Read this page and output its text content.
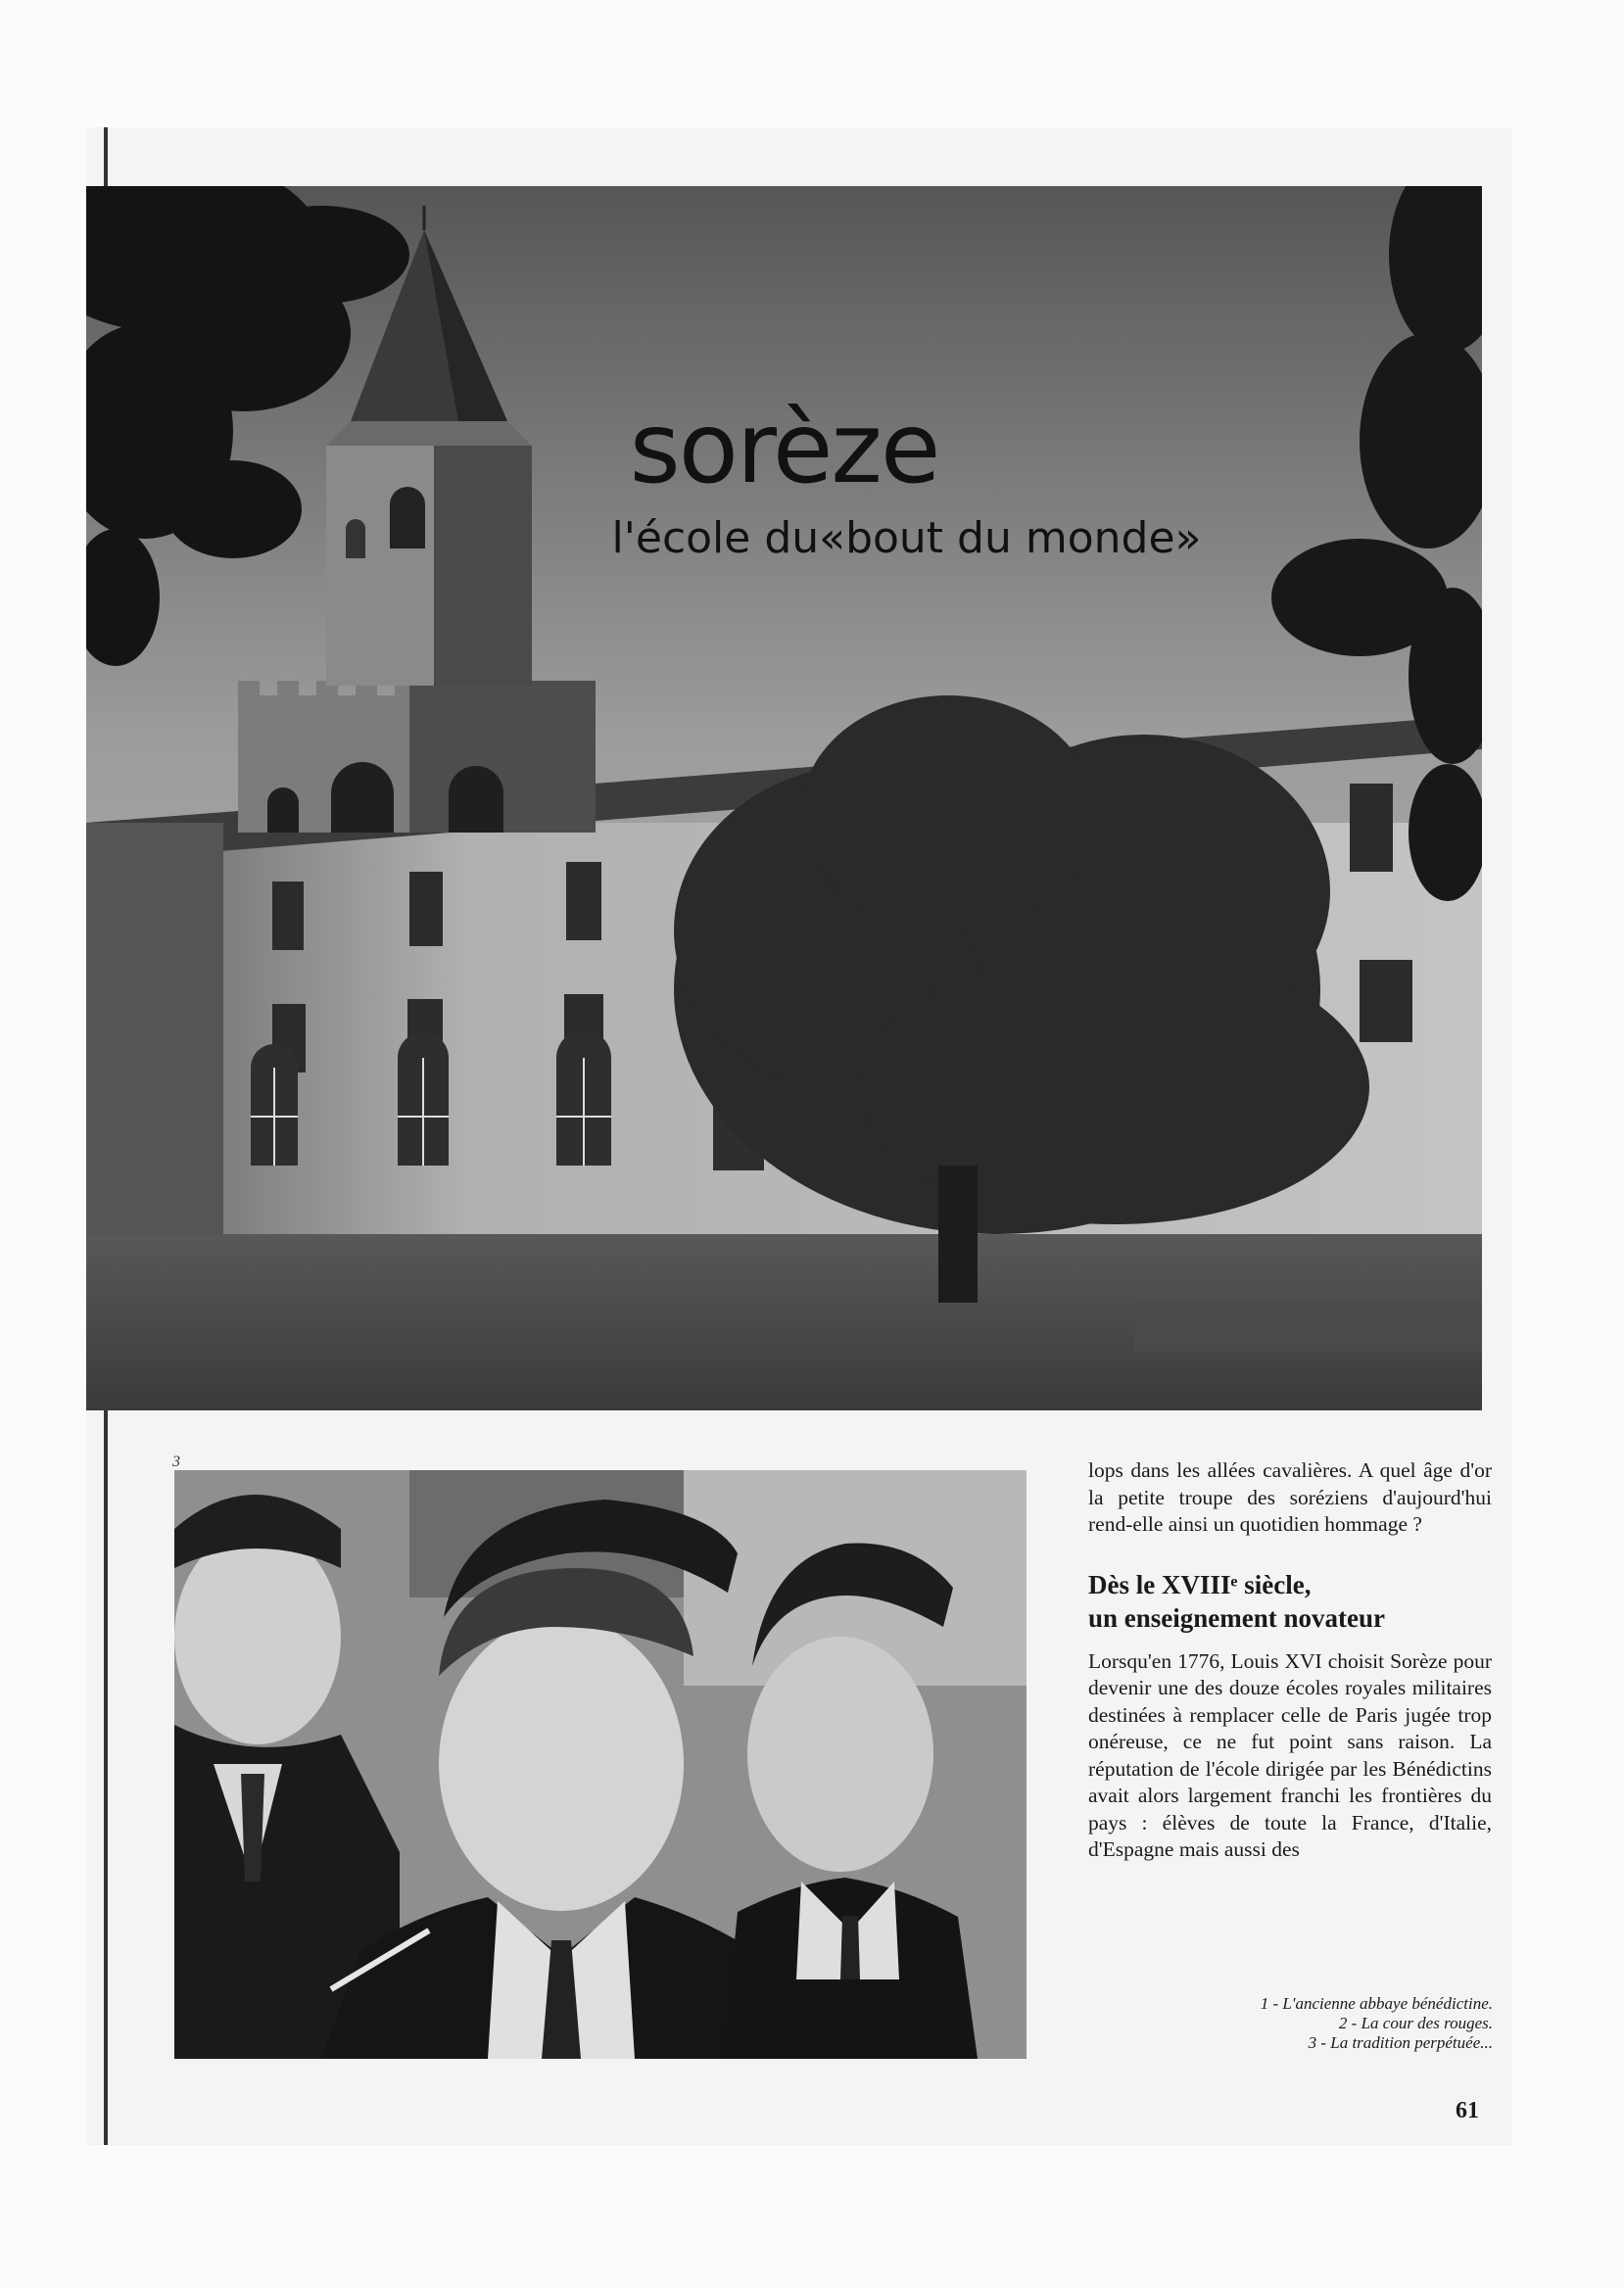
sorèze
l'école du«bout du monde»
3	lops dans les allées cavalières. A quel âge d'or la petite troupe des soréziens d'aujourd'hui rend-elle ainsi un quotidien hommage ?

Dès le XVIIIᵉ siècle,
un enseignement novateur

Lorsqu'en 1776, Louis XVI choisit Sorèze pour devenir une des douze écoles royales militaires destinées à remplacer celle de Paris jugée trop onéreuse, ce ne fut point sans raison. La réputation de l'école dirigée par les Bénédictins avait alors largement franchi les frontières du pays : élèves de toute la France, d'Italie, d'Espagne mais aussi des

1 - L'ancienne abbaye bénédictine.
2 - La cour des rouges.
3 - La tradition perpétuée...
61
